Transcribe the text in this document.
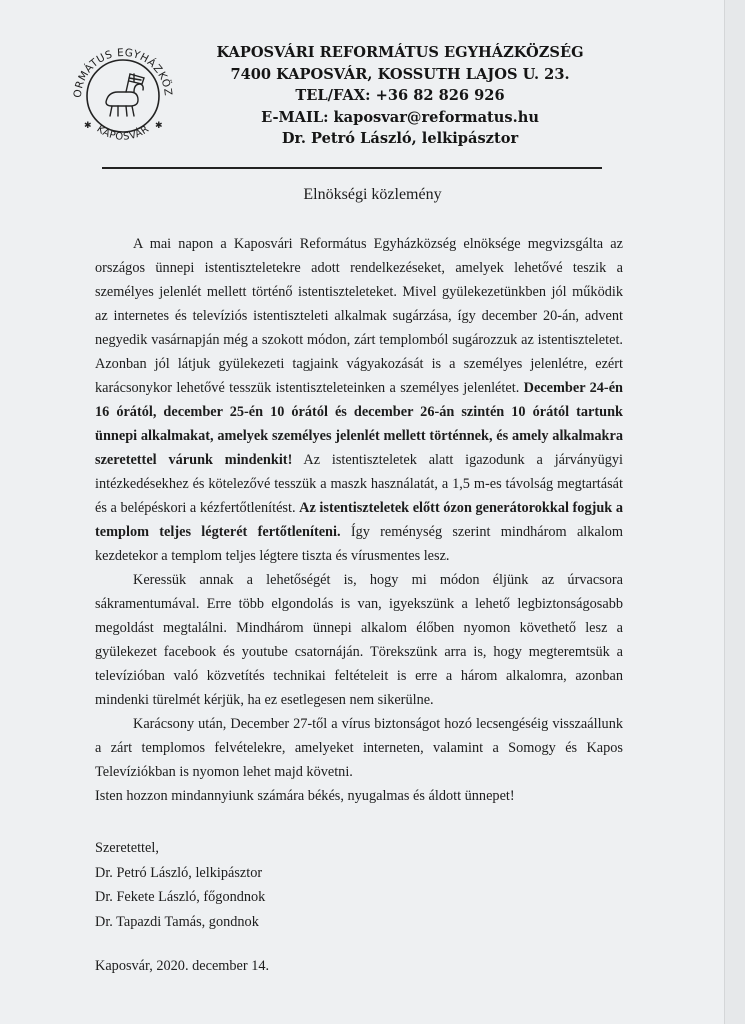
ORMÁTUS EGYHÁZKÖZ
KAPOSVÁR
✱	✱
KAPOSVÁRI REFORMÁTUS EGYHÁZKÖZSÉG
7400 KAPOSVÁR, KOSSUTH LAJOS U. 23.
TEL/FAX: +36 82 826 926
E-MAIL: kaposvar@reformatus.hu
Dr. Petró László, lelkipásztor
Elnökségi közlemény

A mai napon a Kaposvári Református Egyházközség elnöksége megvizsgálta az országos ünnepi istentiszteletekre adott rendelkezéseket, amelyek lehetővé teszik a személyes jelenlét mellett történő istentiszteleteket. Mivel gyülekezetünkben jól működik az internetes és televíziós istentiszteleti alkalmak sugárzása, így december 20-án, advent negyedik vasárnapján még a szokott módon, zárt templomból sugározzuk az istentiszteletet. Azonban jól látjuk gyülekezeti tagjaink vágyakozását is a személyes jelenlétre, ezért karácsonykor lehetővé tesszük istentiszteleteinken a személyes jelenlétet. December 24-én 16 órától, december 25-én 10 órától és december 26-án szintén 10 órától tartunk ünnepi alkalmakat, amelyek személyes jelenlét mellett történnek, és amely alkalmakra szeretettel várunk mindenkit! Az istentiszteletek alatt igazodunk a járványügyi intézkedésekhez és kötelezővé tesszük a maszk használatát, a 1,5 m-es távolság megtartását és a belépéskori a kézfertőtlenítést. Az istentiszteletek előtt ózon generátorokkal fogjuk a templom teljes légterét fertőtleníteni. Így reménység szerint mindhárom alkalom kezdetekor a templom teljes légtere tiszta és vírusmentes lesz.

Keressük annak a lehetőségét is, hogy mi módon éljünk az úrvacsora sákramentumával. Erre több elgondolás is van, igyekszünk a lehető legbiztonságosabb megoldást megtalálni. Mindhárom ünnepi alkalom élőben nyomon követhető lesz a gyülekezet facebook és youtube csatornáján. Törekszünk arra is, hogy megteremtsük a televízióban való közvetítés technikai feltételeit is erre a három alkalomra, azonban mindenki türelmét kérjük, ha ez esetlegesen nem sikerülne.

Karácsony után, December 27-től a vírus biztonságot hozó lecsengéséig visszaállunk a zárt templomos felvételekre, amelyeket interneten, valamint a Somogy és Kapos Televíziókban is nyomon lehet majd követni.

Isten hozzon mindannyiunk számára békés, nyugalmas és áldott ünnepet!

Szeretettel,
Dr. Petró László, lelkipásztor
Dr. Fekete László, főgondnok
Dr. Tapazdi Tamás, gondnok
Kaposvár, 2020. december 14.
